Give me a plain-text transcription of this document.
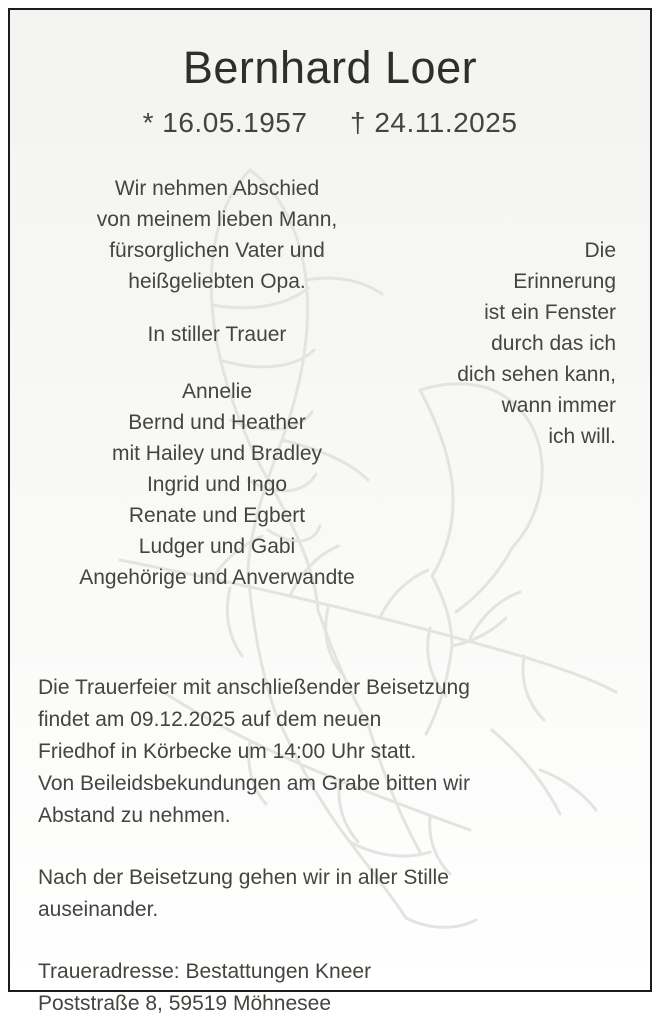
Bernhard Loer
* 16.05.1957 † 24.11.2025
Wir nehmen Abschied
von meinem lieben Mann,
fürsorglichen Vater und
heißgeliebten Opa.
In stiller Trauer
Annelie
Bernd und Heather
mit Hailey und Bradley
Ingrid und Ingo
Renate und Egbert
Ludger und Gabi
Angehörige und Anverwandte
Die
Erinnerung
ist ein Fenster
durch das ich
dich sehen kann,
wann immer
ich will.
Die Trauerfeier mit anschließender Beisetzung
findet am 09.12.2025 auf dem neuen
Friedhof in Körbecke um 14:00 Uhr statt.
Von Beileidsbekundungen am Grabe bitten wir
Abstand zu nehmen.
Nach der Beisetzung gehen wir in aller Stille
auseinander.
Traueradresse: Bestattungen Kneer
Poststraße 8, 59519 Möhnesee
